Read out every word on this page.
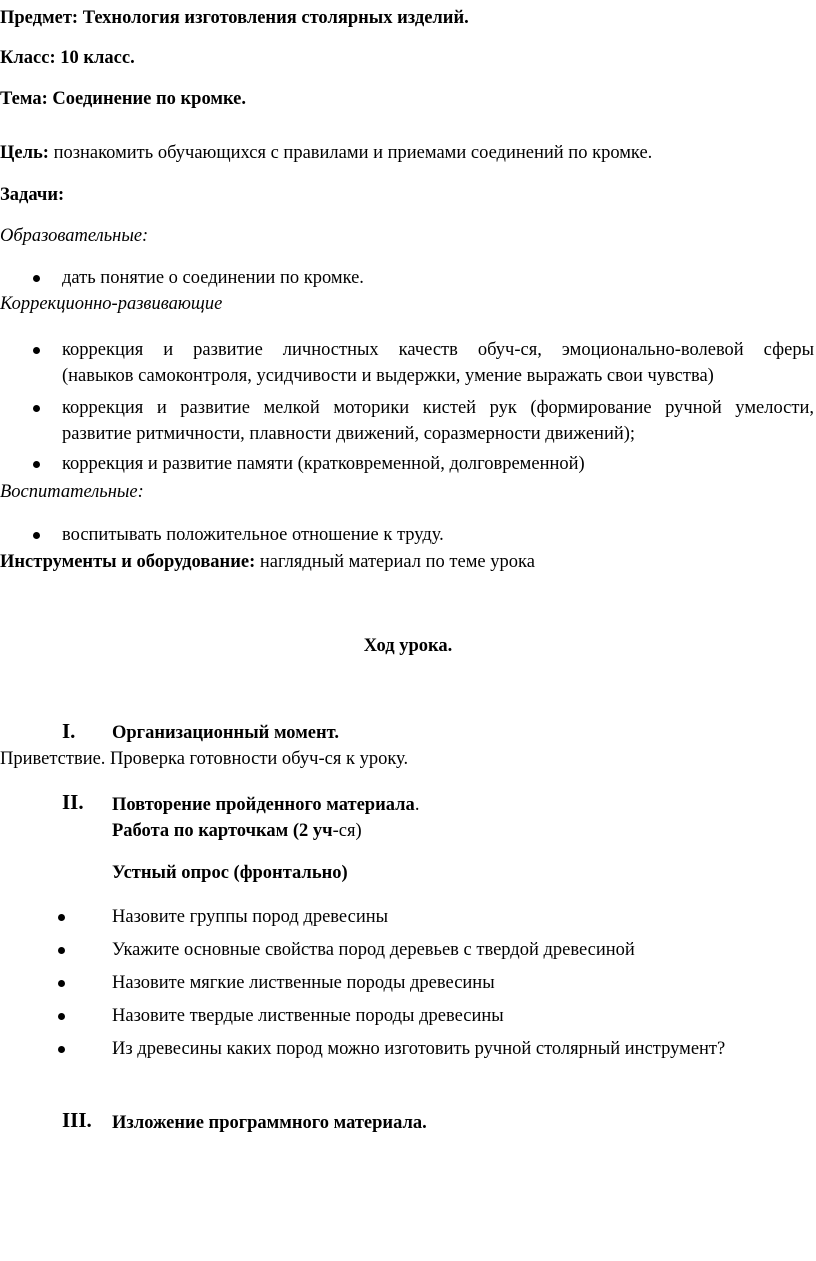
Предмет: Технология изготовления столярных изделий.
Класс: 10 класс.
Тема: Соединение по кромке.
Цель: познакомить обучающихся с правилами и приемами соединений по кромке.
Задачи:
Образовательные:
дать понятие о соединении по кромке.
Коррекционно-развивающие
коррекция и развитие личностных качеств обуч-ся, эмоционально-волевой сферы
(навыков самоконтроля, усидчивости и выдержки, умение выражать свои чувства)
коррекция и развитие мелкой моторики кистей рук (формирование ручной умелости,
развитие ритмичности, плавности движений, соразмерности движений);
коррекция и развитие памяти (кратковременной, долговременной)
Воспитательные:
воспитывать положительное отношение к труду.
Инструменты и оборудование: наглядный материал по теме урока
Ход урока.
I. Организационный момент.
Приветствие. Проверка готовности обуч-ся к уроку.
II. Повторение пройденного материала.
Работа по карточкам (2 уч-ся)
Устный опрос (фронтально)
Назовите группы пород древесины
Укажите основные свойства пород деревьев с твердой древесиной
Назовите мягкие лиственные породы древесины
Назовите твердые лиственные породы древесины
Из древесины каких пород можно изготовить ручной столярный инструмент?
III. Изложение программного материала.
